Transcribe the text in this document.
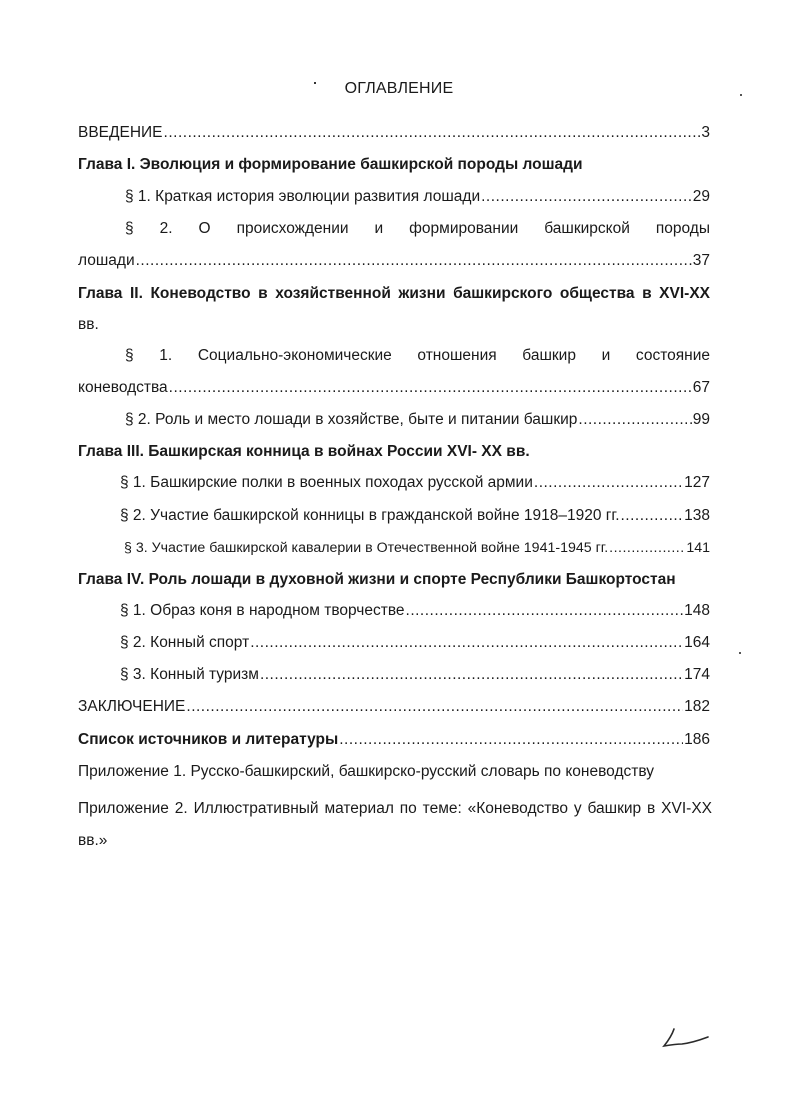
ОГЛАВЛЕНИЕ
ВВЕДЕНИЕ .....	3
Глава I. Эволюция и формирование башкирской породы лошади
§ 1. Краткая история эволюции развития лошади .....	29
§ 2. О происхождении и формировании башкирской породы
лошади .....	37
Глава II. Коневодство в хозяйственной жизни башкирского общества в XVI-XX
вв.
§ 1. Социально-экономические отношения башкир и состояние
коневодства .....	67
§ 2. Роль и место лошади в хозяйстве, быте и питании башкир .....	99
Глава III. Башкирская конница в войнах России XVI- XX вв.
§ 1. Башкирские полки в военных походах русской армии .....	127
§ 2. Участие башкирской конницы в гражданской войне 1918–1920 гг. .....	138
§ 3. Участие башкирской кавалерии в Отечественной войне 1941-1945 гг. .....	141
Глава IV. Роль лошади в духовной жизни и спорте Республики Башкортостан
§ 1. Образ коня в народном творчестве .....	148
§ 2. Конный спорт .....	164
§ 3. Конный туризм .....	174
ЗАКЛЮЧЕНИЕ .....	182
Список источников и литературы .....	186
Приложение 1. Русско-башкирский, башкирско-русский словарь по коневодству
Приложение 2. Иллюстративный материал по теме: «Коневодство у башкир в XVI-XX вв.»
